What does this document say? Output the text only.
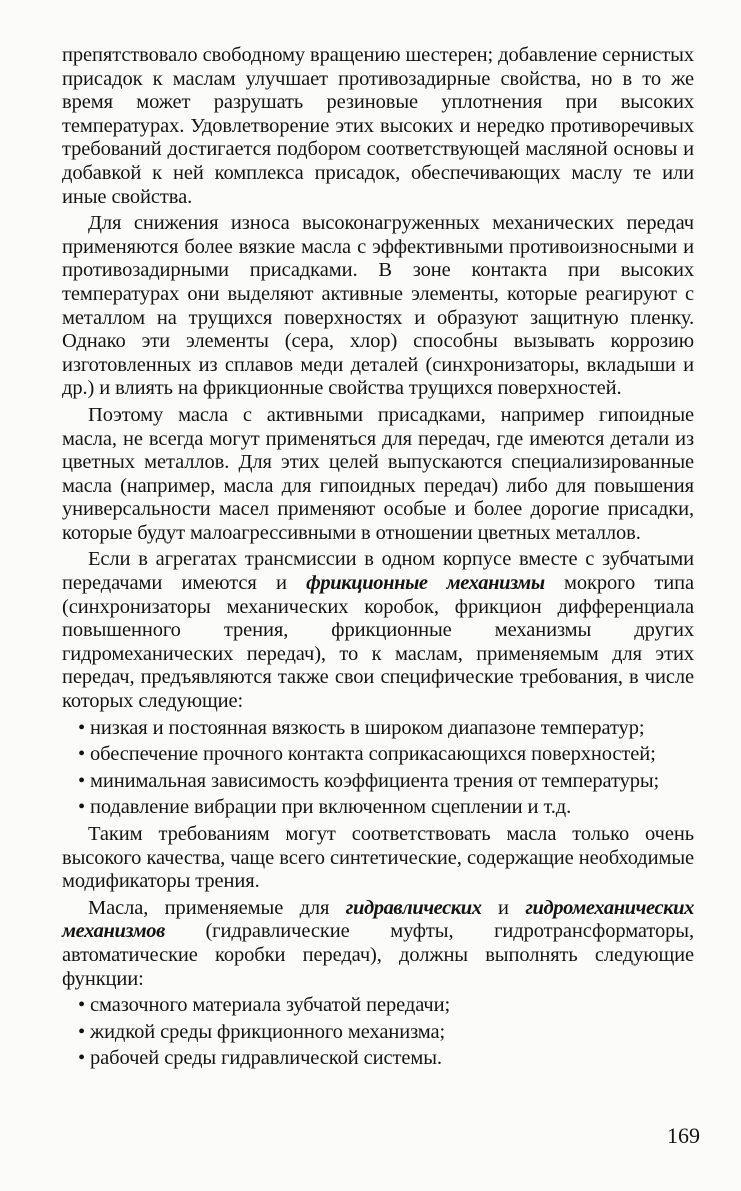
препятствовало свободному вращению шестерен; добавление сернистых присадок к маслам улучшает противозадирные свойства, но в то же время может разрушать резиновые уплотнения при высоких температурах. Удовлетворение этих высоких и нередко противоречивых требований достигается подбором соответствующей масляной основы и добавкой к ней комплекса присадок, обеспечивающих маслу те или иные свойства.

Для снижения износа высоконагруженных механических передач применяются более вязкие масла с эффективными противоизносными и противозадирными присадками. В зоне контакта при высоких температурах они выделяют активные элементы, которые реагируют с металлом на трущихся поверхностях и образуют защитную пленку. Однако эти элементы (сера, хлор) способны вызывать коррозию изготовленных из сплавов меди деталей (синхронизаторы, вкладыши и др.) и влиять на фрикционные свойства трущихся поверхностей.

Поэтому масла с активными присадками, например гипоидные масла, не всегда могут применяться для передач, где имеются детали из цветных металлов. Для этих целей выпускаются специализированные масла (например, масла для гипоидных передач) либо для повышения универсальности масел применяют особые и более дорогие присадки, которые будут малоагрессивными в отношении цветных металлов.

Если в агрегатах трансмиссии в одном корпусе вместе с зубчатыми передачами имеются и фрикционные механизмы мокрого типа (синхронизаторы механических коробок, фрикцион дифференциала повышенного трения, фрикционные механизмы других гидромеханических передач), то к маслам, применяемым для этих передач, предъявляются также свои специфические требования, в числе которых следующие:

• низкая и постоянная вязкость в широком диапазоне температур;
• обеспечение прочного контакта соприкасающихся поверхностей;
• минимальная зависимость коэффициента трения от температуры;
• подавление вибрации при включенном сцеплении и т.д.

Таким требованиям могут соответствовать масла только очень высокого качества, чаще всего синтетические, содержащие необходимые модификаторы трения.

Масла, применяемые для гидравлических и гидромеханических механизмов (гидравлические муфты, гидротрансформаторы, автоматические коробки передач), должны выполнять следующие функции:

• смазочного материала зубчатой передачи;
• жидкой среды фрикционного механизма;
• рабочей среды гидравлической системы.
169
